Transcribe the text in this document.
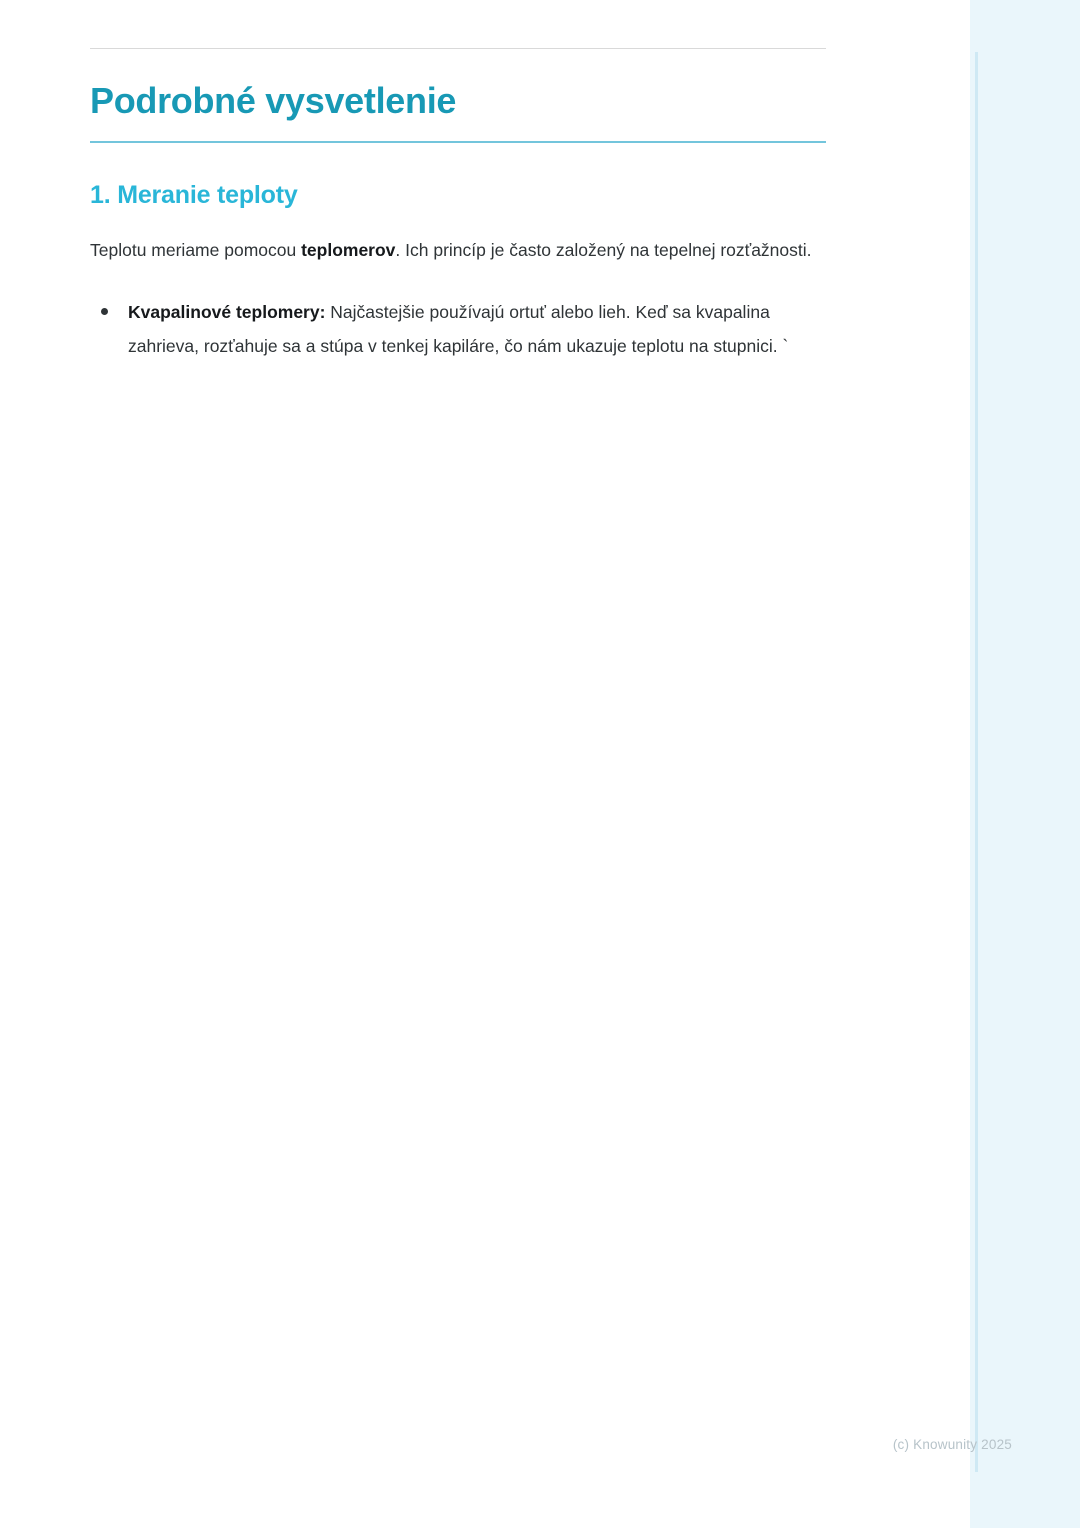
Podrobné vysvetlenie
1. Meranie teploty

Teplotu meriame pomocou teplomerov. Ich princíp je často založený na tepelnej rozťažnosti.

Kvapalinové teplomery: Najčastejšie používajú ortuť alebo lieh. Keď sa kvapalina zahrieva, rozťahuje sa a stúpa v tenkej kapiláre, čo nám ukazuje teplotu na stupnici. `
(c) Knowunity 2025
